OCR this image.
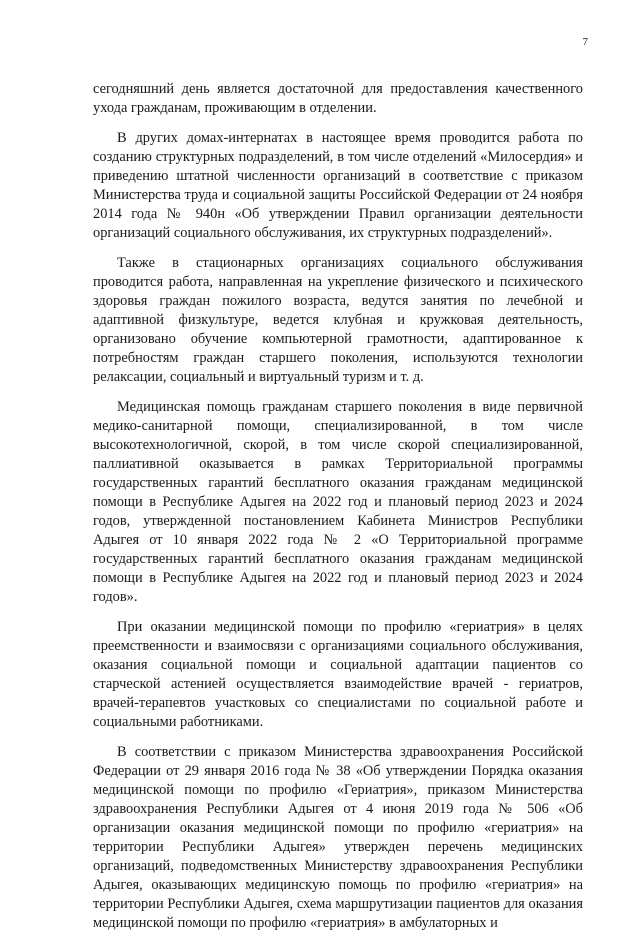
7

сегодняшний день является достаточной для предоставления качественного ухода гражданам, проживающим в отделении.

В других домах-интернатах в настоящее время проводится работа по созданию структурных подразделений, в том числе отделений «Милосердия» и приведению штатной численности организаций в соответствие с приказом Министерства труда и социальной защиты Российской Федерации от 24 ноября 2014 года № 940н «Об утверждении Правил организации деятельности организаций социального обслуживания, их структурных подразделений».

Также в стационарных организациях социального обслуживания проводится работа, направленная на укрепление физического и психического здоровья граждан пожилого возраста, ведутся занятия по лечебной и адаптивной физкультуре, ведется клубная и кружковая деятельность, организовано обучение компьютерной грамотности, адаптированное к потребностям граждан старшего поколения, используются технологии релаксации, социальный и виртуальный туризм и т. д.

Медицинская помощь гражданам старшего поколения в виде первичной медико-санитарной помощи, специализированной, в том числе высокотехнологичной, скорой, в том числе скорой специализированной, паллиативной оказывается в рамках Территориальной программы государственных гарантий бесплатного оказания гражданам медицинской помощи в Республике Адыгея на 2022 год и плановый период 2023 и 2024 годов, утвержденной постановлением Кабинета Министров Республики Адыгея от 10 января 2022 года № 2 «О Территориальной программе государственных гарантий бесплатного оказания гражданам медицинской помощи в Республике Адыгея на 2022 год и плановый период 2023 и 2024 годов».

При оказании медицинской помощи по профилю «гериатрия» в целях преемственности и взаимосвязи с организациями социального обслуживания, оказания социальной помощи и социальной адаптации пациентов со старческой астенией осуществляется взаимодействие врачей - гериатров, врачей-терапевтов участковых со специалистами по социальной работе и социальными работниками.

В соответствии с приказом Министерства здравоохранения Российской Федерации от 29 января 2016 года № 38 «Об утверждении Порядка оказания медицинской помощи по профилю «Гериатрия», приказом Министерства здравоохранения Республики Адыгея от 4 июня 2019 года № 506 «Об организации оказания медицинской помощи по профилю «гериатрия» на территории Республики Адыгея» утвержден перечень медицинских организаций, подведомственных Министерству здравоохранения Республики Адыгея, оказывающих медицинскую помощь по профилю «гериатрия» на территории Республики Адыгея, схема маршрутизации пациентов для оказания медицинской помощи по профилю «гериатрия» в амбулаторных и
